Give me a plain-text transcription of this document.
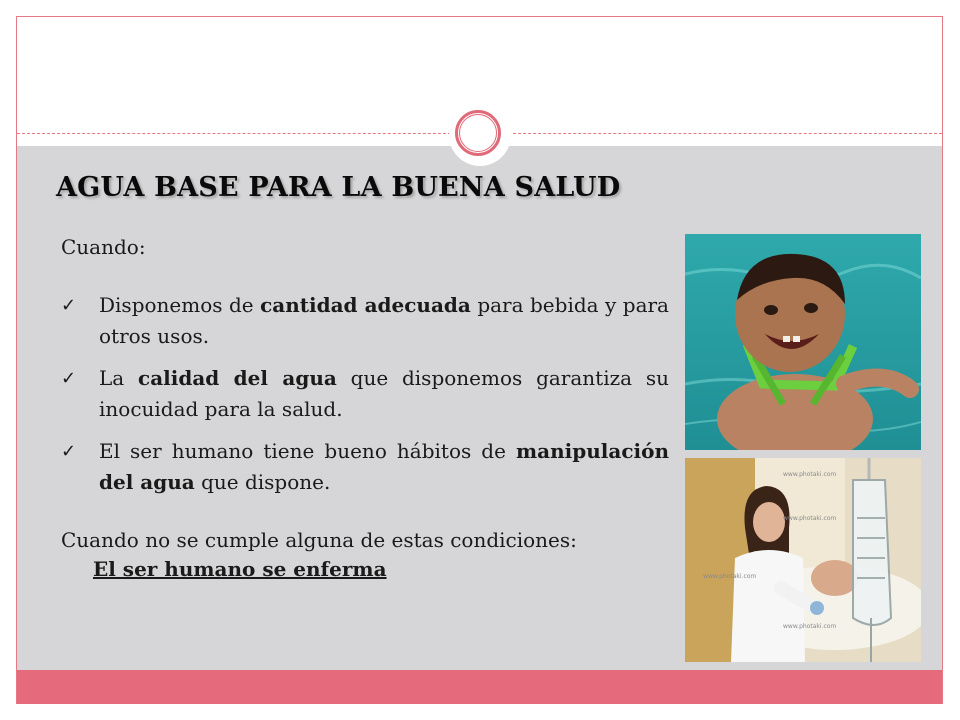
AGUA BASE PARA LA BUENA SALUD

Cuando:

✓ Disponemos de cantidad adecuada para bebida y para otros usos.
✓ La calidad del agua que disponemos garantiza su inocuidad para la salud.
✓ El ser humano tiene bueno hábitos de manipulación del agua que dispone.

Cuando no se cumple alguna de estas condiciones:

El ser humano se enferma

www.photaki.com
www.photaki.com
www.photaki.com
www.photaki.com
